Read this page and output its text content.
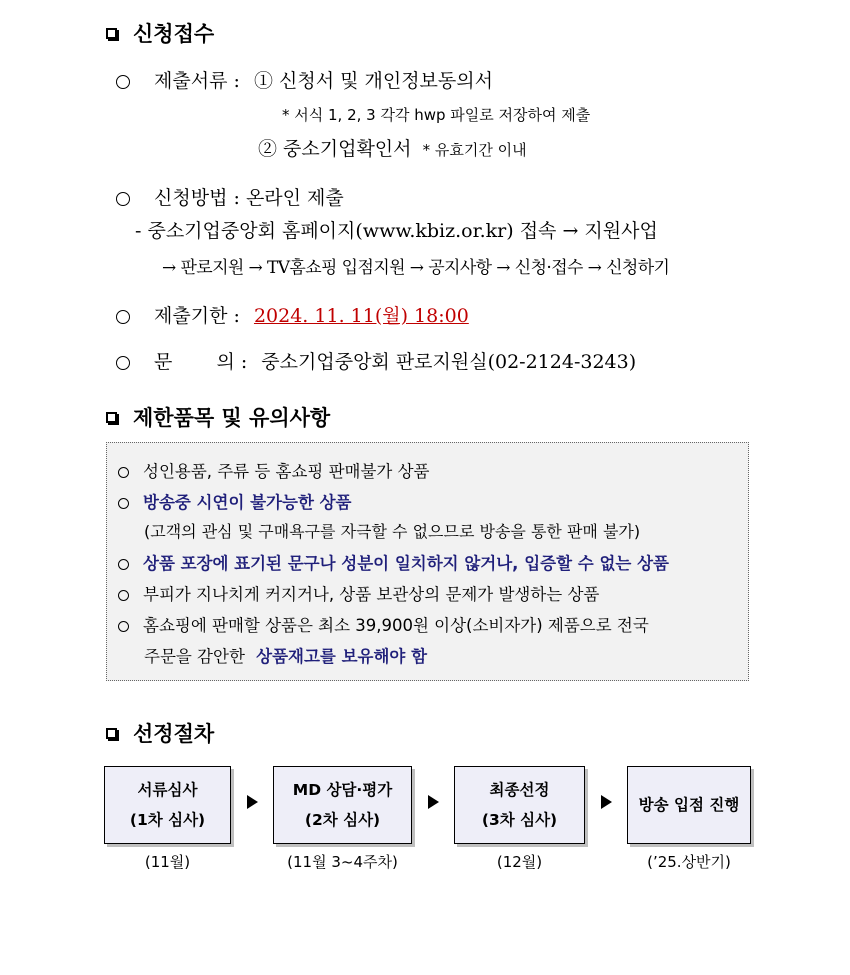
신청접수
제출서류 : ① 신청서 및 개인정보동의서
* 서식 1, 2, 3 각각 hwp 파일로 저장하여 제출
② 중소기업확인서 * 유효기간 이내
신청방법 : 온라인 제출
- 중소기업중앙회 홈페이지(www.kbiz.or.kr) 접속 → 지원사업
→ 판로지원 → TV홈쇼핑 입점지원 → 공지사항 → 신청·접수 → 신청하기
제출기한 : 2024. 11. 11(월) 18:00
문 의 : 중소기업중앙회 판로지원실(02-2124-3243)
제한품목 및 유의사항
성인용품, 주류 등 홈쇼핑 판매불가 상품
방송중 시연이 불가능한 상품
(고객의 관심 및 구매욕구를 자극할 수 없으므로 방송을 통한 판매 불가)
상품 포장에 표기된 문구나 성분이 일치하지 않거나, 입증할 수 없는 상품
부피가 지나치게 커지거나, 상품 보관상의 문제가 발생하는 상품
홈쇼핑에 판매할 상품은 최소 39,900원 이상(소비자가) 제품으로 전국
주문을 감안한 상품재고를 보유해야 함
선정절차
서류심사
(1차 심사)
MD 상담·평가
(2차 심사)
최종선정
(3차 심사)
방송 입점 진행
(11월)	(11월 3~4주차)	(12월)	(’25.상반기)
